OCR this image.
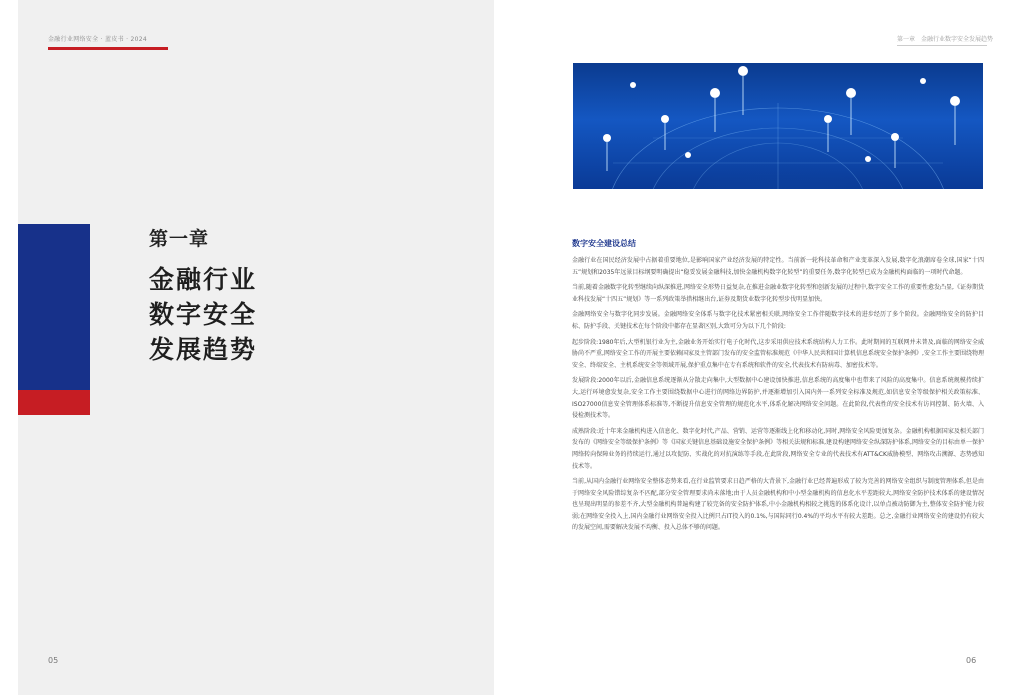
金融行业网络安全 · 蓝皮书 · 2024
第一章
金融行业
数字安全
发展趋势
05
第一章　金融行业数字安全发展趋势
数字安全建设总结

金融行业在国民经济发展中占据着重要地位,是影响国家产业经济发展的特定性。当前新一轮科技革命和产业变革深入发展,数字化浪潮席卷全球,国家“十四五”规划和2035年远景目标纲要明确提出“稳妥发展金融科技,加快金融机构数字化转型”的重要任务,数字化转型已成为金融机构面临的一项时代命题。

当前,随着金融数字化转型继续向纵深推进,网络安全形势日益复杂,在推进金融业数字化转型和创新发展的过程中,数字安全工作的重要性愈发凸显,《证券期货业科技发展“十四五”规划》等一系列政策举措相继出台,证券及期货业数字化转型步伐明显加快。

金融网络安全与数字化同步发展。金融网络安全体系与数字化技术紧密相关联,网络安全工作伴随数字技术的进步经历了多个阶段。金融网络安全的防护目标、防护手段、关键技术在每个阶段中都存在显著区别,大致可分为以下几个阶段:

起步阶段:1980年后,大型机银行业为主,金融业务开始实行电子化时代,这步采用供应技术系统结构人力工作。此时期间的互联网并未普及,面临的网络安全威胁尚不严重,网络安全工作的开展主要依赖国家及主管部门发布的安全监管标准规范《中华人民共和国计算机信息系统安全保护条例》,安全工作主要围绕物理安全、终端安全、主机系统安全等领域开展,保护重点集中在专有系统和软件的安全,代表技术有防病毒、加密技术等。

发展阶段:2000年以后,金融信息系统逐渐从分散走向集中,大型数据中心建设加快推进,信息系统的高度集中也带来了风险的高度集中。信息系统规模持续扩大,运行环境愈发复杂,安全工作主要围绕数据中心进行的网络边界防护,并逐渐增加引入国内外一系列安全标准及规范,如信息安全等级保护相关政策标准、ISO27000信息安全管理体系标准等,不断提升信息安全管理的规范化水平,体系化解决网络安全问题。在此阶段,代表性的安全技术有访问控制、防火墙、入侵检测技术等。

成熟阶段:近十年来金融机构进入信息化、数字化时代,产品、营销、运营等逐渐线上化和移动化,同时,网络安全风险更加复杂。金融机构根据国家及相关部门发布的《网络安全等级保护条例》等《国家关键信息基础设施安全保护条例》等相关法规和标准,建设构建网络安全纵深防护体系,网络安全的目标由单一保护网络转向保障业务的持续运行,通过以攻促防、实战化的对抗演练等手段,在此阶段,网络安全专业的代表技术有ATT&CK威胁模型、网络攻击溯源、态势感知技术等。

当前,从国内金融行业网络安全整体态势来看,在行业监管要求日趋严格的大背景下,金融行业已经普遍形成了较为完善的网络安全组织与制度管理体系,但是由于网络安全风险错综复杂不匹配,部分安全管理要求尚未落地;由于人员金融机构和中小型金融机构的信息化水平差距较大,网络安全防护技术体系的建设情况也呈现出明显的参差不齐,大型金融机构普遍构建了较完备的安全防护体系,中小金融机构相较之挑选的体系化设计,以单点被动防御为主,整体安全防护能力较弱;在网络安全投入上,国内金融行业网络安全投入比例只占IT投入的0.1%,与国际同行0.4%的平均水平有较大差距。总之,金融行业网络安全的建设仍有较大的发展空间,需要解决发展不均衡、投入总体不够的问题。

06
